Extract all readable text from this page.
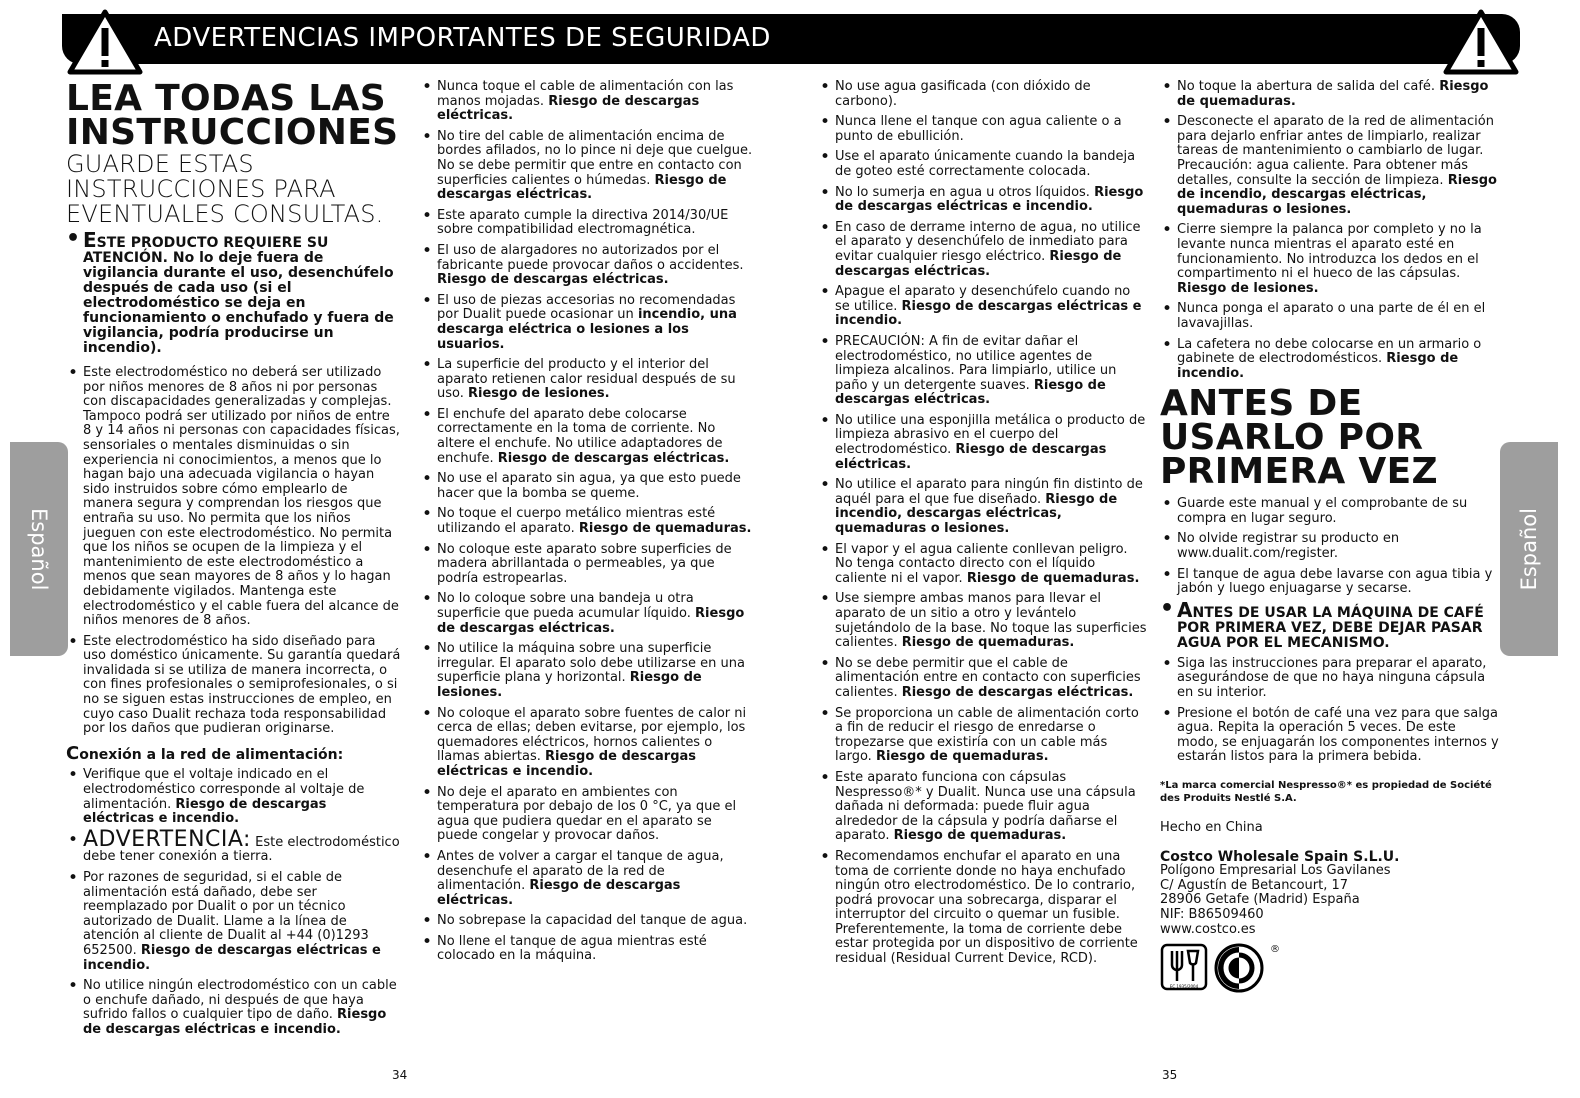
ADVERTENCIAS IMPORTANTES DE SEGURIDAD
Español	Español
LEA TODAS LAS INSTRUCCIONES
GUARDE ESTAS INSTRUCCIONES PARA EVENTUALES CONSULTAS.
• ESTE PRODUCTO REQUIERE SU ATENCIÓN. No lo deje fuera de vigilancia durante el uso, desenchúfelo después de cada uso (si el electrodoméstico se deja en funcionamiento o enchufado y fuera de vigilancia, podría producirse un incendio).
• Este electrodoméstico no deberá ser utilizado por niños menores de 8 años ni por personas con discapacidades generalizadas y complejas. Tampoco podrá ser utilizado por niños de entre 8 y 14 años ni personas con capacidades físicas, sensoriales o mentales disminuidas o sin experiencia ni conocimientos, a menos que lo hagan bajo una adecuada vigilancia o hayan sido instruidos sobre cómo emplearlo de manera segura y comprendan los riesgos que entraña su uso. No permita que los niños jueguen con este electrodoméstico. No permita que los niños se ocupen de la limpieza y el mantenimiento de este electrodoméstico a menos que sean mayores de 8 años y lo hagan debidamente vigilados. Mantenga este electrodoméstico y el cable fuera del alcance de niños menores de 8 años.
• Este electrodoméstico ha sido diseñado para uso doméstico únicamente. Su garantía quedará invalidada si se utiliza de manera incorrecta, o con fines profesionales o semiprofesionales, o si no se siguen estas instrucciones de empleo, en cuyo caso Dualit rechaza toda responsabilidad por los daños que pudieran originarse.
Conexión a la red de alimentación:
• Verifique que el voltaje indicado en el electrodoméstico corresponde al voltaje de alimentación. Riesgo de descargas eléctricas e incendio.
• ADVERTENCIA: Este electrodoméstico debe tener conexión a tierra.
• Por razones de seguridad, si el cable de alimentación está dañado, debe ser reemplazado por Dualit o por un técnico autorizado de Dualit. Llame a la línea de atención al cliente de Dualit al +44 (0)1293 652500. Riesgo de descargas eléctricas e incendio.
• No utilice ningún electrodoméstico con un cable o enchufe dañado, ni después de que haya sufrido fallos o cualquier tipo de daño. Riesgo de descargas eléctricas e incendio.
• Nunca toque el cable de alimentación con las manos mojadas. Riesgo de descargas eléctricas.
• No tire del cable de alimentación encima de bordes afilados, no lo pince ni deje que cuelgue. No se debe permitir que entre en contacto con superficies calientes o húmedas. Riesgo de descargas eléctricas.
• Este aparato cumple la directiva 2014/30/UE sobre compatibilidad electromagnética.
• El uso de alargadores no autorizados por el fabricante puede provocar daños o accidentes. Riesgo de descargas eléctricas.
• El uso de piezas accesorias no recomendadas por Dualit puede ocasionar un incendio, una descarga eléctrica o lesiones a los usuarios.
• La superficie del producto y el interior del aparato retienen calor residual después de su uso. Riesgo de lesiones.
• El enchufe del aparato debe colocarse correctamente en la toma de corriente. No altere el enchufe. No utilice adaptadores de enchufe. Riesgo de descargas eléctricas.
• No use el aparato sin agua, ya que esto puede hacer que la bomba se queme.
• No toque el cuerpo metálico mientras esté utilizando el aparato. Riesgo de quemaduras.
• No coloque este aparato sobre superficies de madera abrillantada o permeables, ya que podría estropearlas.
• No lo coloque sobre una bandeja u otra superficie que pueda acumular líquido. Riesgo de descargas eléctricas.
• No utilice la máquina sobre una superficie irregular. El aparato solo debe utilizarse en una superficie plana y horizontal. Riesgo de lesiones.
• No coloque el aparato sobre fuentes de calor ni cerca de ellas; deben evitarse, por ejemplo, los quemadores eléctricos, hornos calientes o llamas abiertas. Riesgo de descargas eléctricas e incendio.
• No deje el aparato en ambientes con temperatura por debajo de los 0 °C, ya que el agua que pudiera quedar en el aparato se puede congelar y provocar daños.
• Antes de volver a cargar el tanque de agua, desenchufe el aparato de la red de alimentación. Riesgo de descargas eléctricas.
• No sobrepase la capacidad del tanque de agua.
• No llene el tanque de agua mientras esté colocado en la máquina.
• No use agua gasificada (con dióxido de carbono).
• Nunca llene el tanque con agua caliente o a punto de ebullición.
• Use el aparato únicamente cuando la bandeja de goteo esté correctamente colocada.
• No lo sumerja en agua u otros líquidos. Riesgo de descargas eléctricas e incendio.
• En caso de derrame interno de agua, no utilice el aparato y desenchúfelo de inmediato para evitar cualquier riesgo eléctrico. Riesgo de descargas eléctricas.
• Apague el aparato y desenchúfelo cuando no se utilice. Riesgo de descargas eléctricas e incendio.
• PRECAUCIÓN: A fin de evitar dañar el electrodoméstico, no utilice agentes de limpieza alcalinos. Para limpiarlo, utilice un paño y un detergente suaves. Riesgo de descargas eléctricas.
• No utilice una esponjilla metálica o producto de limpieza abrasivo en el cuerpo del electrodoméstico. Riesgo de descargas eléctricas.
• No utilice el aparato para ningún fin distinto de aquél para el que fue diseñado. Riesgo de incendio, descargas eléctricas, quemaduras o lesiones.
• El vapor y el agua caliente conllevan peligro. No tenga contacto directo con el líquido caliente ni el vapor. Riesgo de quemaduras.
• Use siempre ambas manos para llevar el aparato de un sitio a otro y levántelo sujetándolo de la base. No toque las superficies calientes. Riesgo de quemaduras.
• No se debe permitir que el cable de alimentación entre en contacto con superficies calientes. Riesgo de descargas eléctricas.
• Se proporciona un cable de alimentación corto a fin de reducir el riesgo de enredarse o tropezarse que existiría con un cable más largo. Riesgo de quemaduras.
• Este aparato funciona con cápsulas Nespresso®* y Dualit. Nunca use una cápsula dañada ni deformada: puede fluir agua alrededor de la cápsula y podría dañarse el aparato. Riesgo de quemaduras.
• Recomendamos enchufar el aparato en una toma de corriente donde no haya enchufado ningún otro electrodoméstico. De lo contrario, podrá provocar una sobrecarga, disparar el interruptor del circuito o quemar un fusible. Preferentemente, la toma de corriente debe estar protegida por un dispositivo de corriente residual (Residual Current Device, RCD).
• No toque la abertura de salida del café. Riesgo de quemaduras.
• Desconecte el aparato de la red de alimentación para dejarlo enfriar antes de limpiarlo, realizar tareas de mantenimiento o cambiarlo de lugar. Precaución: agua caliente. Para obtener más detalles, consulte la sección de limpieza. Riesgo de incendio, descargas eléctricas, quemaduras o lesiones.
• Cierre siempre la palanca por completo y no la levante nunca mientras el aparato esté en funcionamiento. No introduzca los dedos en el compartimento ni el hueco de las cápsulas. Riesgo de lesiones.
• Nunca ponga el aparato o una parte de él en el lavavajillas.
• La cafetera no debe colocarse en un armario o gabinete de electrodomésticos. Riesgo de incendio.
ANTES DE USARLO POR PRIMERA VEZ
• Guarde este manual y el comprobante de su compra en lugar seguro.
• No olvide registrar su producto en www.dualit.com/register.
• El tanque de agua debe lavarse con agua tibia y jabón y luego enjuagarse y secarse.
• ANTES DE USAR LA MÁQUINA DE CAFÉ POR PRIMERA VEZ, DEBE DEJAR PASAR AGUA POR EL MECANISMO.
• Siga las instrucciones para preparar el aparato, asegurándose de que no haya ninguna cápsula en su interior.
• Presione el botón de café una vez para que salga agua. Repita la operación 5 veces. De este modo, se enjuagarán los componentes internos y estarán listos para la primera bebida.
*La marca comercial Nespresso®* es propiedad de Société des Produits Nestlé S.A.
Hecho en China
Costco Wholesale Spain S.L.U.
Polígono Empresarial Los Gavilanes
C/ Agustín de Betancourt, 17
28906 Getafe (Madrid) España
NIF: B86509460
www.costco.es
EC 1935/2004
®
34	35
